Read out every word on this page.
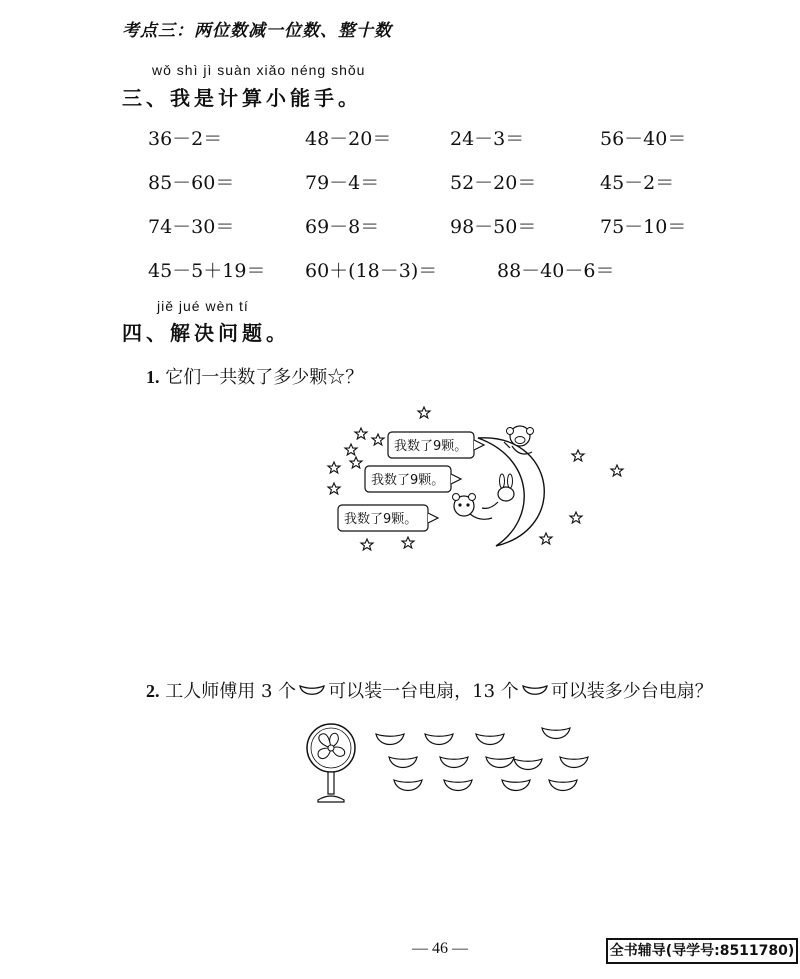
考点三：两位数减一位数、整十数
wǒ shì jì suàn xiǎo néng shǒu
三、我是计算小能手。
36－2＝	48－20＝	24－3＝	56－40＝
85－60＝	79－4＝	52－20＝	45－2＝
74－30＝	69－8＝	98－50＝	75－10＝
45－5＋19＝ 60＋(18－3)＝	88－40－6＝
jiě jué wèn tí
四、解决问题。
1. 它们一共数了多少颗☆？
我数了9颗。
我数了9颗。
我数了9颗。
2. 工人师傅用 3 个 可以装一台电扇，13 个 可以装多少台电扇？
— 46 —	全书辅导(导学号:8511780)
